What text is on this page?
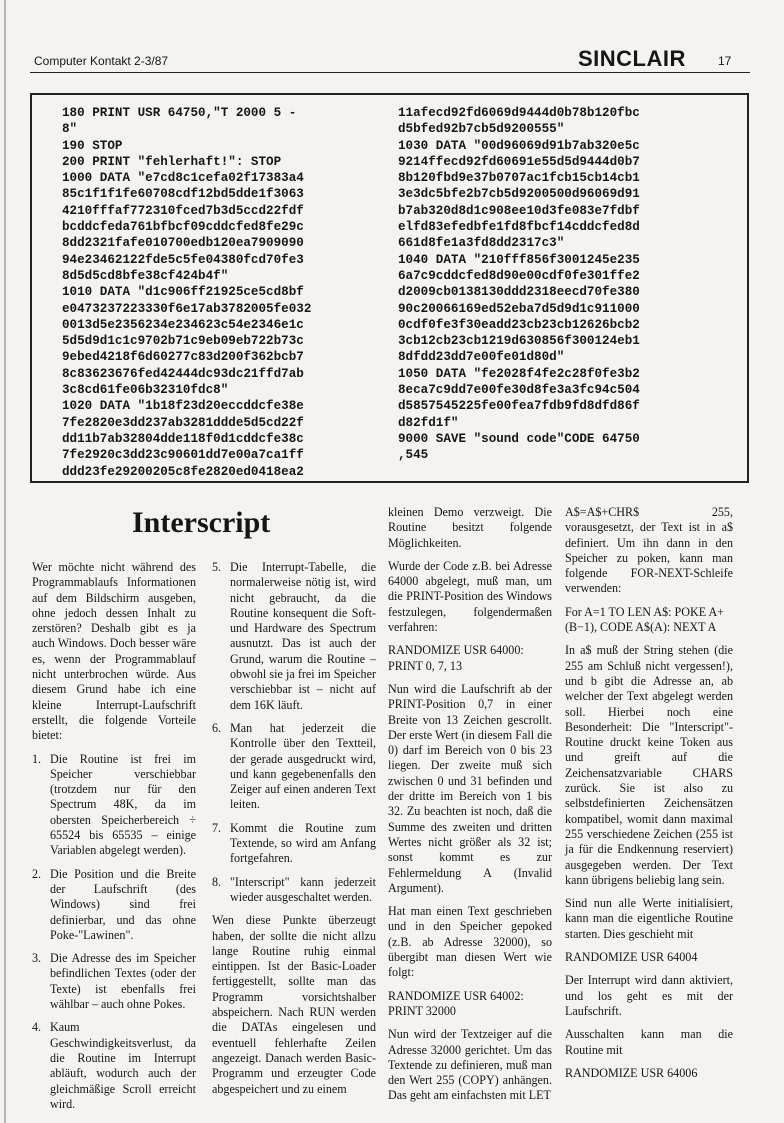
Computer Kontakt 2-3/87	SINCLAIR	17
180 PRINT USR 64750,"T 2000 5 -
8"
190 STOP
200 PRINT "fehlerhaft!": STOP
1000 DATA "e7cd8c1cefa02f17383a4
85c1f1f1fe60708cdf12bd5dde1f3063
4210fffaf772310fced7b3d5ccd22fdf
bcddcfeda761bfbcf09cddcfed8fe29c
8dd2321fafe010700edb120ea7909090
94e23462122fde5c5fe04380fcd70fe3
8d5d5cd8bfe38cf424b4f"
1010 DATA "d1c906ff21925ce5cd8bf
e0473237223330f6e17ab3782005fe032
0013d5e2356234e234623c54e2346e1c
5d5d9d1c1c9702b71c9eb09eb722b73c
9ebed4218f6d60277c83d200f362bcb7
8c83623676fed42444dc93dc21ffd7ab
3c8cd61fe06b32310fdc8"
1020 DATA "1b18f23d20eccddcfe38e
7fe2820e3dd237ab3281ddde5d5cd22f
dd11b7ab32804dde118f0d1cddcfe38c
7fe2920c3dd23c90601dd7e00a7ca1ff
ddd23fe29200205c8fe2820ed0418ea2
11afecd92fd6069d9444d0b78b120fbc
d5bfed92b7cb5d9200555"
1030 DATA "00d96069d91b7ab320e5c
9214ffecd92fd60691e55d5d9444d0b7
8b120fbd9e37b0707ac1fcb15cb14cb1
3e3dc5bfe2b7cb5d9200500d96069d91
b7ab320d8d1c908ee10d3fe083e7fdbf
elfd83efedbfe1fd8fbcf14cddcfed8d
661d8fe1a3fd8dd2317c3"
1040 DATA "210fff856f3001245e235
6a7c9cddcfed8d90e00cdf0fe301ffe2
d2009cb0138130ddd2318eecd70fe380
90c20066169ed52eba7d5d9d1c911000
0cdf0fe3f30eadd23cb23cb12626bcb2
3cb12cb23cb1219d630856f300124eb1
8dfdd23dd7e00fe01d80d"
1050 DATA "fe2028f4fe2c28f0fe3b2
8eca7c9dd7e00fe30d8fe3a3fc94c504
d5857545225fe00fea7fdb9fd8dfd86f
d82fd1f"
9000 SAVE "sound code"CODE 64750
,545
Interscript

Wer möchte nicht während des Programmablaufs Informationen auf dem Bildschirm ausgeben, ohne jedoch dessen Inhalt zu zerstören? Deshalb gibt es ja auch Windows. Doch besser wäre es, wenn der Programmablauf nicht unterbrochen würde. Aus diesem Grund habe ich eine kleine Interrupt-Laufschrift erstellt, die folgende Vorteile bietet:

1. Die Routine ist frei im Speicher verschiebbar (trotzdem nur für den Spectrum 48K, da im obersten Speicherbereich ÷ 65524 bis 65535 – einige Variablen abgelegt werden).
2. Die Position und die Breite der Laufschrift (des Windows) sind frei definierbar, und das ohne Poke-"Lawinen".
3. Die Adresse des im Speicher befindlichen Textes (oder der Texte) ist ebenfalls frei wählbar – auch ohne Pokes.
4. Kaum Geschwindigkeitsverlust, da die Routine im Interrupt abläuft, wodurch auch der gleichmäßige Scroll erreicht wird.
5. Die Interrupt-Tabelle, die normalerweise nötig ist, wird nicht gebraucht, da die Routine konsequent die Soft- und Hardware des Spectrum ausnutzt. Das ist auch der Grund, warum die Routine – obwohl sie ja frei im Speicher verschiebbar ist – nicht auf dem 16K läuft.
6. Man hat jederzeit die Kontrolle über den Textteil, der gerade ausgedruckt wird, und kann gegebenenfalls den Zeiger auf einen anderen Text leiten.
7. Kommt die Routine zum Textende, so wird am Anfang fortgefahren.
8. "Interscript" kann jederzeit wieder ausgeschaltet werden.

Wen diese Punkte überzeugt haben, der sollte die nicht allzu lange Routine ruhig einmal eintippen. Ist der Basic-Loader fertiggestellt, sollte man das Programm vorsichtshalber abspeichern. Nach RUN werden die DATAs eingelesen und eventuell fehlerhafte Zeilen angezeigt. Danach werden Basic-Programm und erzeugter Code abgespeichert und zu einem

kleinen Demo verzweigt. Die Routine besitzt folgende Möglichkeiten.

Wurde der Code z.B. bei Adresse 64000 abgelegt, muß man, um die PRINT-Position des Windows festzulegen, folgendermaßen verfahren:

RANDOMIZE USR 64000: PRINT 0, 7, 13

Nun wird die Laufschrift ab der PRINT-Position 0,7 in einer Breite von 13 Zeichen gescrollt. Der erste Wert (in diesem Fall die 0) darf im Bereich von 0 bis 23 liegen. Der zweite muß sich zwischen 0 und 31 befinden und der dritte im Bereich von 1 bis 32. Zu beachten ist noch, daß die Summe des zweiten und dritten Wertes nicht größer als 32 ist; sonst kommt es zur Fehlermeldung A (Invalid Argument).

Hat man einen Text geschrieben und in den Speicher gepoked (z.B. ab Adresse 32000), so übergibt man diesen Wert wie folgt:

RANDOMIZE USR 64002: PRINT 32000

Nun wird der Textzeiger auf die Adresse 32000 gerichtet. Um das Textende zu definieren, muß man den Wert 255 (COPY) anhängen. Das geht am einfachsten mit LET

A$=A$+CHR$ 255, vorausgesetzt, der Text ist in a$ definiert. Um ihn dann in den Speicher zu poken, kann man folgende FOR-NEXT-Schleife verwenden:

For A=1 TO LEN A$: POKE A+(B−1), CODE A$(A): NEXT A

In a$ muß der String stehen (die 255 am Schluß nicht vergessen!), und b gibt die Adresse an, ab welcher der Text abgelegt werden soll. Hierbei noch eine Besonderheit: Die "Interscript"-Routine druckt keine Token aus und greift auf die Zeichensatzvariable CHARS zurück. Sie ist also zu selbstdefinierten Zeichensätzen kompatibel, womit dann maximal 255 verschiedene Zeichen (255 ist ja für die Endkennung reserviert) ausgegeben werden. Der Text kann übrigens beliebig lang sein.

Sind nun alle Werte initialisiert, kann man die eigentliche Routine starten. Dies geschieht mit

RANDOMIZE USR 64004

Der Interrupt wird dann aktiviert, und los geht es mit der Laufschrift.

Ausschalten kann man die Routine mit

RANDOMIZE USR 64006
